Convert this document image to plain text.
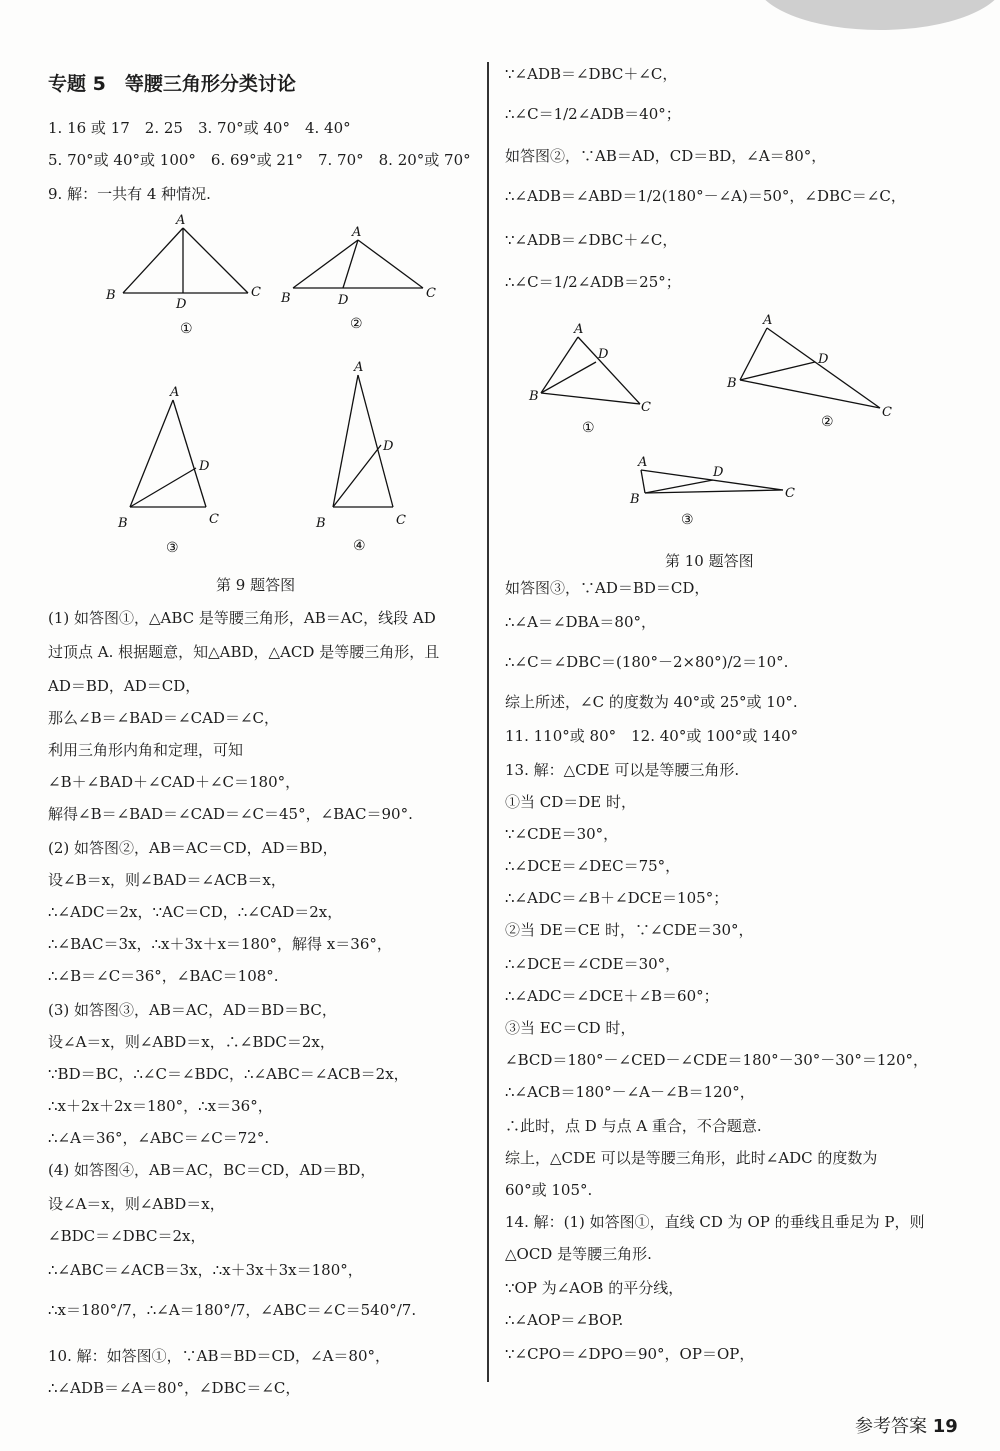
专题 5　等腰三角形分类讨论
1. 16 或 17　2. 25　3. 70°或 40°　4. 40°
5. 70°或 40°或 100°　6. 69°或 21°　7. 70°　8. 20°或 70°
9. 解：一共有 4 种情况.
A
B
D
C
①
A
B	D	C
②
A
B
D
C
③
A
B
D
C
④
第 9 题答图
(1) 如答图①，△ABC 是等腰三角形，AB＝AC，线段 AD
过顶点 A. 根据题意，知△ABD，△ACD 是等腰三角形，且
AD＝BD，AD＝CD，
那么∠B＝∠BAD＝∠CAD＝∠C，
利用三角形内角和定理，可知
∠B＋∠BAD＋∠CAD＋∠C＝180°，
解得∠B＝∠BAD＝∠CAD＝∠C＝45°，∠BAC＝90°.
(2) 如答图②，AB＝AC＝CD，AD＝BD，
设∠B＝x，则∠BAD＝∠ACB＝x，
∴∠ADC＝2x，∵AC＝CD，∴∠CAD＝2x，
∴∠BAC＝3x，∴x＋3x＋x＝180°，解得 x＝36°，
∴∠B＝∠C＝36°，∠BAC＝108°.
(3) 如答图③，AB＝AC，AD＝BD＝BC，
设∠A＝x，则∠ABD＝x，∴∠BDC＝2x，
∵BD＝BC，∴∠C＝∠BDC，∴∠ABC＝∠ACB＝2x，
∴x＋2x＋2x＝180°，∴x＝36°，
∴∠A＝36°，∠ABC＝∠C＝72°.
(4) 如答图④，AB＝AC，BC＝CD，AD＝BD，
设∠A＝x，则∠ABD＝x，
∠BDC＝∠DBC＝2x，
∴∠ABC＝∠ACB＝3x，∴x＋3x＋3x＝180°，
∴x＝180°/7，∴∠A＝180°/7，∠ABC＝∠C＝540°/7.
10. 解：如答图①，∵AB＝BD＝CD，∠A＝80°，
∴∠ADB＝∠A＝80°，∠DBC＝∠C，
∵∠ADB＝∠DBC＋∠C，
∴∠C＝1/2∠ADB＝40°；
如答图②，∵AB＝AD，CD＝BD，∠A＝80°，
∴∠ADB＝∠ABD＝1/2(180°－∠A)＝50°，∠DBC＝∠C，
∵∠ADB＝∠DBC＋∠C，
∴∠C＝1/2∠ADB＝25°；
A
D
B
C
①
A
D
B
C
②
A
D
B	C
③
第 10 题答图
如答图③，∵AD＝BD＝CD，
∴∠A＝∠DBA＝80°，
∴∠C＝∠DBC＝(180°－2×80°)/2＝10°.
综上所述，∠C 的度数为 40°或 25°或 10°.
11. 110°或 80°　12. 40°或 100°或 140°
13. 解：△CDE 可以是等腰三角形.
①当 CD＝DE 时，
∵∠CDE＝30°，
∴∠DCE＝∠DEC＝75°，
∴∠ADC＝∠B＋∠DCE＝105°；
②当 DE＝CE 时，∵∠CDE＝30°，
∴∠DCE＝∠CDE＝30°，
∴∠ADC＝∠DCE＋∠B＝60°；
③当 EC＝CD 时，
∠BCD＝180°－∠CED－∠CDE＝180°－30°－30°＝120°，
∴∠ACB＝180°－∠A－∠B＝120°，
∴此时，点 D 与点 A 重合，不合题意.
综上，△CDE 可以是等腰三角形，此时∠ADC 的度数为
60°或 105°.
14. 解：(1) 如答图①，直线 CD 为 OP 的垂线且垂足为 P，则
△OCD 是等腰三角形.
∵OP 为∠AOB 的平分线，
∴∠AOP＝∠BOP.
∵∠CPO＝∠DPO＝90°，OP＝OP，
参考答案 19
